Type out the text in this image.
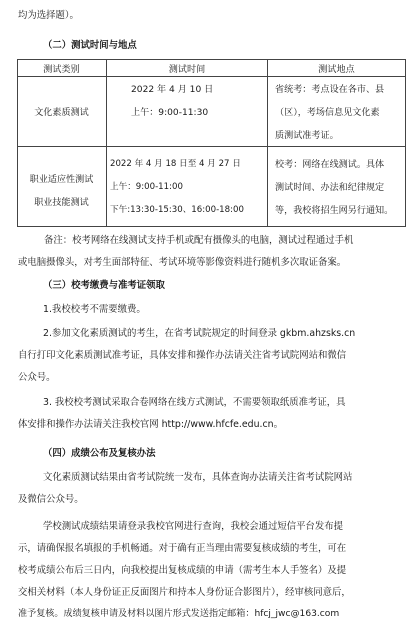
均为选择题）。
（二）测试时间与地点
测试类别	测试时间	测试地点
文化素质测试
2022 年 4 月 10 日
上午：9:00-11:30
省统考：考点设在各市、县
（区），考场信息见文化素
质测试准考证。
职业适应性测试
职业技能测试
2022 年 4 月 18 日至 4 月 27 日
上午：9:00-11:00
下午:13:30-15:30、16:00-18:00
校考：网络在线测试。具体
测试时间、办法和纪律规定
等，我校将招生网另行通知。
备注：校考网络在线测试支持手机或配有摄像头的电脑，测试过程通过手机
或电脑摄像头，对考生面部特征、考试环境等影像资料进行随机多次取证备案。
（三）校考缴费与准考证领取
1.我校校考不需要缴费。
2.参加文化素质测试的考生，在省考试院规定的时间登录 gkbm.ahzsks.cn
自行打印文化素质测试准考证，具体安排和操作办法请关注省考试院网站和微信
公众号。
3. 我校校考测试采取合卷网络在线方式测试，不需要领取纸质准考证，具
体安排和操作办法请关注我校官网 http://www.hfcfe.edu.cn。
（四）成绩公布及复核办法
文化素质测试结果由省考试院统一发布，具体查询办法请关注省考试院网站
及微信公众号。
学校测试成绩结果请登录我校官网进行查询，我校会通过短信平台发布提
示，请确保报名填报的手机畅通。对于确有正当理由需要复核成绩的考生，可在
校考成绩公布后三日内，向我校提出复核成绩的申请（需考生本人手签名）及提
交相关材料（本人身份证正反面图片和持本人身份证合影图片），经审核同意后，
准予复核。成绩复核申请及材料以图片形式发送指定邮箱：hfcj_jwc@163.com
